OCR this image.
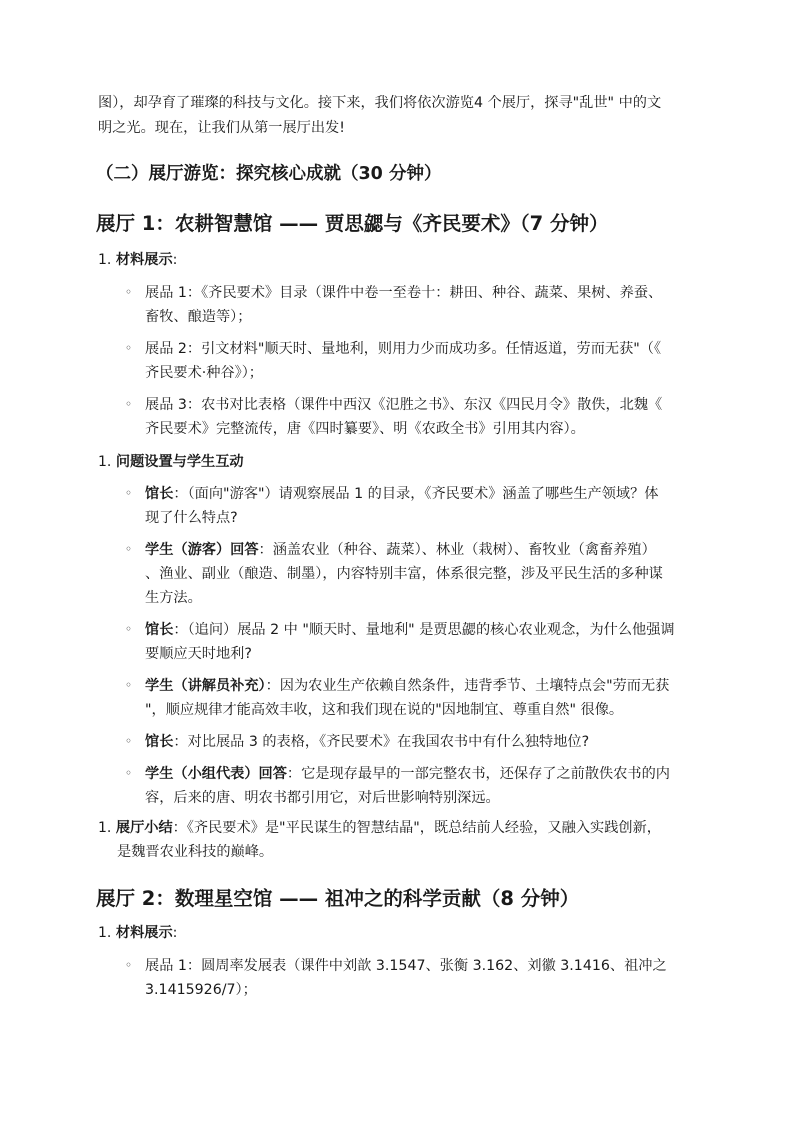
图），却孕育了璀璨的科技与文化。接下来，我们将依次游览4 个展厅，探寻"乱世" 中的文
明之光。现在，让我们从第一展厅出发!
（二）展厅游览：探究核心成就（30 分钟）
展厅 1：农耕智慧馆 —— 贾思勰与《齐民要术》（7 分钟）
1. 材料展示:
◦ 展品 1：《齐民要术》目录（课件中卷一至卷十：耕田、种谷、蔬菜、果树、养蚕、
畜牧、酿造等）；
◦ 展品 2：引文材料"顺天时、量地利，则用力少而成功多。任情返道，劳而无获"（《
齐民要术·种谷》）；
◦ 展品 3：农书对比表格（课件中西汉《氾胜之书》、东汉《四民月令》散佚，北魏《
齐民要术》完整流传，唐《四时纂要》、明《农政全书》引用其内容）。
1. 问题设置与学生互动
◦ 馆长：（面向"游客"）请观察展品 1 的目录，《齐民要术》涵盖了哪些生产领域？体
现了什么特点?
◦ 学生（游客）回答：涵盖农业（种谷、蔬菜）、林业（栽树）、畜牧业（禽畜养殖）
、渔业、副业（酿造、制墨），内容特别丰富，体系很完整，涉及平民生活的多种谋
生方法。
◦ 馆长：（追问）展品 2 中 "顺天时、量地利" 是贾思勰的核心农业观念，为什么他强调
要顺应天时地利?
◦ 学生（讲解员补充）：因为农业生产依赖自然条件，违背季节、土壤特点会"劳而无获
"，顺应规律才能高效丰收，这和我们现在说的"因地制宜、尊重自然" 很像。
◦ 馆长：对比展品 3 的表格，《齐民要术》在我国农书中有什么独特地位?
◦ 学生（小组代表）回答：它是现存最早的一部完整农书，还保存了之前散佚农书的内
容，后来的唐、明农书都引用它，对后世影响特别深远。
1. 展厅小结：《齐民要术》是"平民谋生的智慧结晶"，既总结前人经验，又融入实践创新，
是魏晋农业科技的巅峰。
展厅 2：数理星空馆 —— 祖冲之的科学贡献（8 分钟）
1. 材料展示:
◦ 展品 1：圆周率发展表（课件中刘歆 3.1547、张衡 3.162、刘徽 3.1416、祖冲之
3.1415926/7）；
